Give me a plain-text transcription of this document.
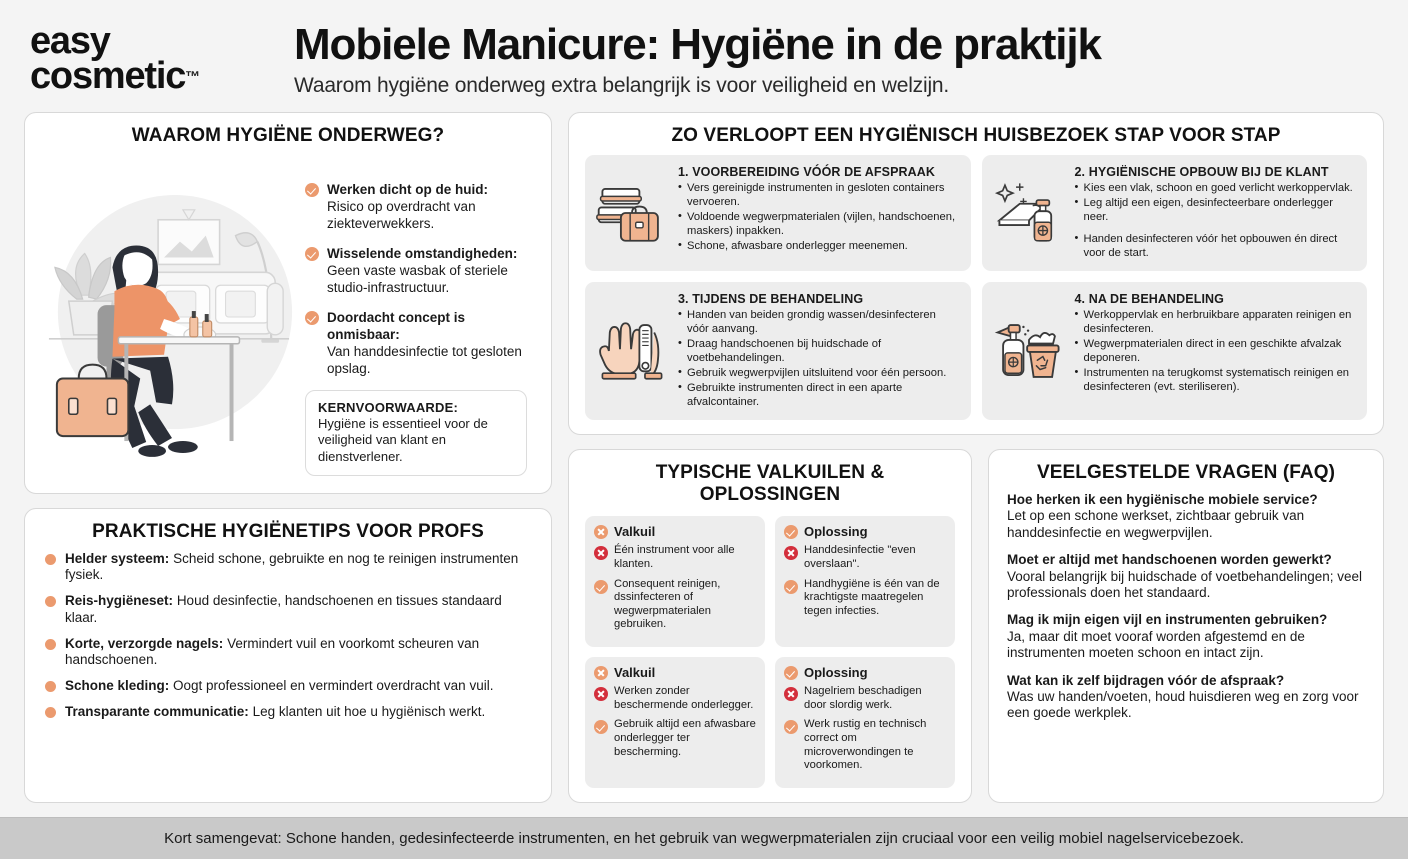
easy
cosmetic™
Mobiele Manicure: Hygiëne in de praktijk
Waarom hygiëne onderweg extra belangrijk is voor veiligheid en welzijn.
WAAROM HYGIËNE ONDERWEG?
Werken dicht op de huid:
Risico op overdracht van ziekteverwekkers.
Wisselende omstandigheden:
Geen vaste wasbak of steriele studio-infrastructuur.
Doordacht concept is onmisbaar:
Van handdesinfectie tot gesloten opslag.
KERNVOORWAARDE:

Hygiëne is essentieel voor de veiligheid van klant en dienstverlener.

PRAKTISCHE HYGIËNETIPS VOOR PROFS
Helder systeem: Scheid schone, gebruikte en nog te reinigen instrumenten fysiek.
Reis-hygiëneset: Houd desinfectie, handschoenen en tissues standaard klaar.
Korte, verzorgde nagels: Vermindert vuil en voorkomt scheuren van handschoenen.
Schone kleding: Oogt professioneel en vermindert overdracht van vuil.
Transparante communicatie: Leg klanten uit hoe u hygiënisch werkt.
ZO VERLOOPT EEN HYGIËNISCH HUISBEZOEK STAP VOOR STAP
1. VOORBEREIDING VÓÓR DE AFSPRAAK
• Vers gereinigde instrumenten in gesloten containers vervoeren.
• Voldoende wegwerpmaterialen (vijlen, handschoenen, maskers) inpakken.
• Schone, afwasbare onderlegger meenemen.
2. HYGIËNISCHE OPBOUW BIJ DE KLANT
• Kies een vlak, schoon en goed verlicht werkoppervlak.
• Leg altijd een eigen, desinfecteerbare onderlegger neer.
• Handen desinfecteren vóór het opbouwen én direct voor de start.
3. TIJDENS DE BEHANDELING
• Handen van beiden grondig wassen/desinfecteren vóór aanvang.
• Draag handschoenen bij huidschade of voetbehandelingen.
• Gebruik wegwerpvijlen uitsluitend voor één persoon.
• Gebruikte instrumenten direct in een aparte afvalcontainer.
4. NA DE BEHANDELING
• Werkoppervlak en herbruikbare apparaten reinigen en desinfecteren.
• Wegwerpmaterialen direct in een geschikte afvalzak deponeren.
• Instrumenten na terugkomst systematisch reinigen en desinfecteren (evt. steriliseren).
TYPISCHE VALKUILEN & OPLOSSINGEN
Valkuil
Één instrument voor alle klanten.
Consequent reinigen, dssinfecteren of wegwerpmaterialen gebruiken.
Oplossing
Handdesinfectie "even overslaan".
Handhygiëne is één van de krachtigste maatregelen tegen infecties.
Valkuil
Werken zonder beschermende onderlegger.
Gebruik altijd een afwasbare onderlegger ter bescherming.
Oplossing
Nagelriem beschadigen door slordig werk.
Werk rustig en technisch correct om microverwondingen te voorkomen.
VEELGESTELDE VRAGEN (FAQ)
Hoe herken ik een hygiënische mobiele service?
Let op een schone werkset, zichtbaar gebruik van handdesinfectie en wegwerpvijlen.
Moet er altijd met handschoenen worden gewerkt?
Vooral belangrijk bij huidschade of voetbehandelingen; veel professionals doen het standaard.
Mag ik mijn eigen vijl en instrumenten gebruiken?
Ja, maar dit moet vooraf worden afgestemd en de instrumenten moeten schoon en intact zijn.
Wat kan ik zelf bijdragen vóór de afspraak?
Was uw handen/voeten, houd huisdieren weg en zorg voor een goede werkplek.
Kort samengevat: Schone handen, gedesinfecteerde instrumenten, en het gebruik van wegwerpmaterialen zijn cruciaal voor een veilig mobiel nagelservicebezoek.
